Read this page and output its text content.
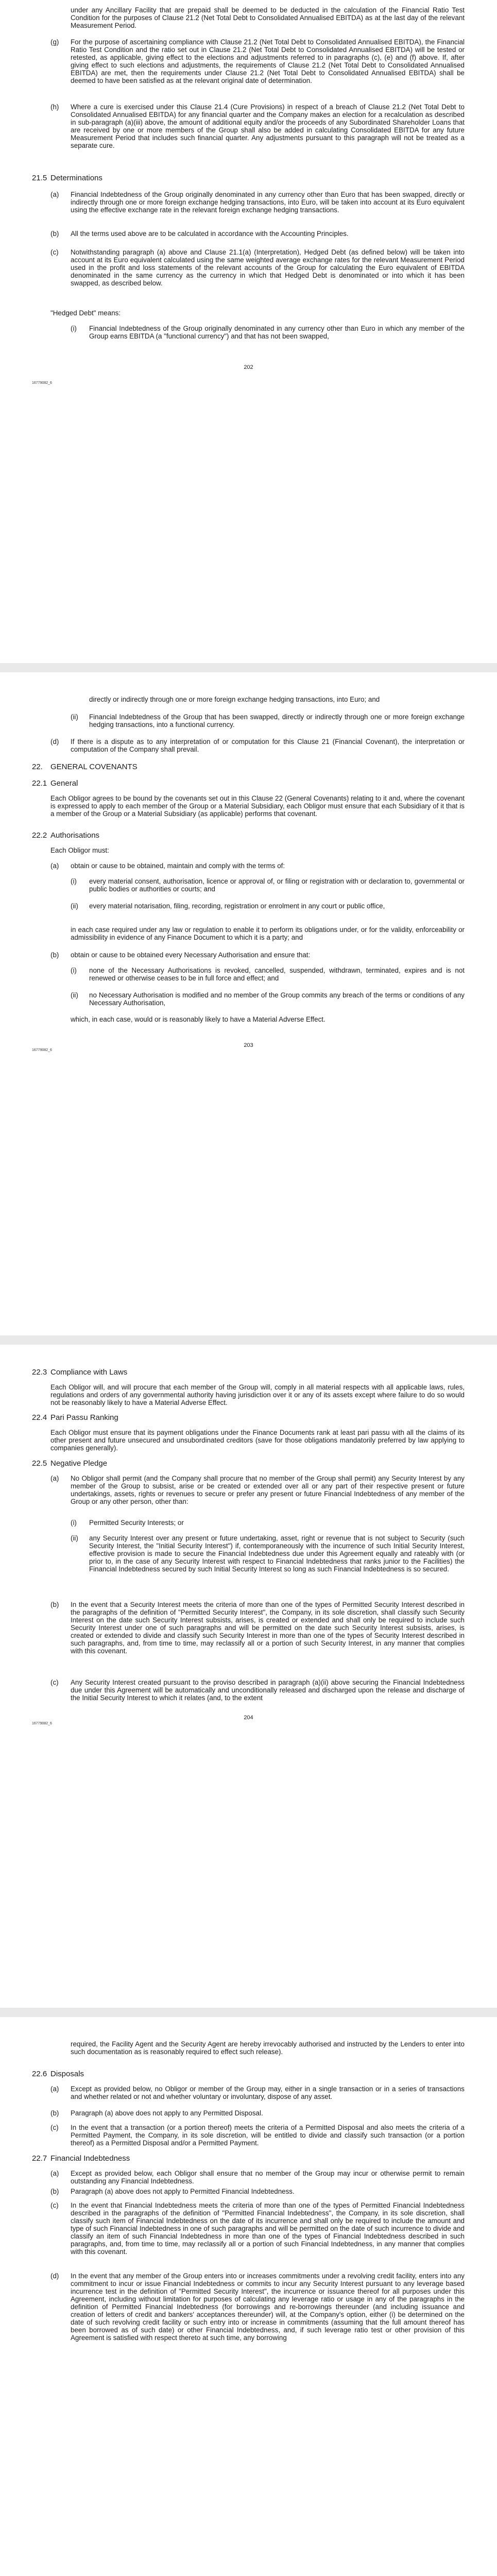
under any Ancillary Facility that are prepaid shall be deemed to be deducted in the calculation of the Financial Ratio Test Condition for the purposes of Clause 21.2 (Net Total Debt to Consolidated Annualised EBITDA) as at the last day of the relevant Measurement Period.

(g) For the purpose of ascertaining compliance with Clause 21.2 (Net Total Debt to Consolidated Annualised EBITDA), the Financial Ratio Test Condition and the ratio set out in Clause 21.2 (Net Total Debt to Consolidated Annualised EBITDA) will be tested or retested, as applicable, giving effect to the elections and adjustments referred to in paragraphs (c), (e) and (f) above. If, after giving effect to such elections and adjustments, the requirements of Clause 21.2 (Net Total Debt to Consolidated Annualised EBITDA) are met, then the requirements under Clause 21.2 (Net Total Debt to Consolidated Annualised EBITDA) shall be deemed to have been satisfied as at the relevant original date of determination.

(h) Where a cure is exercised under this Clause 21.4 (Cure Provisions) in respect of a breach of Clause 21.2 (Net Total Debt to Consolidated Annualised EBITDA) for any financial quarter and the Company makes an election for a recalculation as described in sub-paragraph (a)(iii) above, the amount of additional equity and/or the proceeds of any Subordinated Shareholder Loans that are received by one or more members of the Group shall also be added in calculating Consolidated EBITDA for any future Measurement Period that includes such financial quarter. Any adjustments pursuant to this paragraph will not be treated as a separate cure.

21.5 Determinations
(a) Financial Indebtedness of the Group originally denominated in any currency other than Euro that has been swapped, directly or indirectly through one or more foreign exchange hedging transactions, into Euro, will be taken into account at its Euro equivalent using the effective exchange rate in the relevant foreign exchange hedging transactions.

(b) All the terms used above are to be calculated in accordance with the Accounting Principles.

(c) Notwithstanding paragraph (a) above and Clause 21.1(a) (Interpretation), Hedged Debt (as defined below) will be taken into account at its Euro equivalent calculated using the same weighted average exchange rates for the relevant Measurement Period used in the profit and loss statements of the relevant accounts of the Group for calculating the Euro equivalent of EBITDA denominated in the same currency as the currency in which that Hedged Debt is denominated or into which it has been swapped, as described below.

"Hedged Debt" means:

(i) Financial Indebtedness of the Group originally denominated in any currency other than Euro in which any member of the Group earns EBITDA (a "functional currency") and that has not been swapped,

16779082_6

202

directly or indirectly through one or more foreign exchange hedging transactions, into Euro; and

(ii) Financial Indebtedness of the Group that has been swapped, directly or indirectly through one or more foreign exchange hedging transactions, into a functional currency.

(d) If there is a dispute as to any interpretation of or computation for this Clause 21 (Financial Covenant), the interpretation or computation of the Company shall prevail.

22. GENERAL COVENANTS
22.1 General

Each Obligor agrees to be bound by the covenants set out in this Clause 22 (General Covenants) relating to it and, where the covenant is expressed to apply to each member of the Group or a Material Subsidiary, each Obligor must ensure that each Subsidiary of it that is a member of the Group or a Material Subsidiary (as applicable) performs that covenant.

22.2 Authorisations

Each Obligor must:

(a) obtain or cause to be obtained, maintain and comply with the terms of:

(i) every material consent, authorisation, licence or approval of, or filing or registration with or declaration to, governmental or public bodies or authorities or courts; and

(ii) every material notarisation, filing, recording, registration or enrolment in any court or public office,

in each case required under any law or regulation to enable it to perform its obligations under, or for the validity, enforceability or admissibility in evidence of any Finance Document to which it is a party; and

(b) obtain or cause to be obtained every Necessary Authorisation and ensure that:

(i) none of the Necessary Authorisations is revoked, cancelled, suspended, withdrawn, terminated, expires and is not renewed or otherwise ceases to be in full force and effect; and

(ii) no Necessary Authorisation is modified and no member of the Group commits any breach of the terms or conditions of any Necessary Authorisation,

which, in each case, would or is reasonably likely to have a Material Adverse Effect.

16779082_6

203

22.3 Compliance with Laws

Each Obligor will, and will procure that each member of the Group will, comply in all material respects with all applicable laws, rules, regulations and orders of any governmental authority having jurisdiction over it or any of its assets except where failure to do so would not be reasonably likely to have a Material Adverse Effect.

22.4 Pari Passu Ranking

Each Obligor must ensure that its payment obligations under the Finance Documents rank at least pari passu with all the claims of its other present and future unsecured and unsubordinated creditors (save for those obligations mandatorily preferred by law applying to companies generally).

22.5 Negative Pledge
(a) No Obligor shall permit (and the Company shall procure that no member of the Group shall permit) any Security Interest by any member of the Group to subsist, arise or be created or extended over all or any part of their respective present or future undertakings, assets, rights or revenues to secure or prefer any present or future Financial Indebtedness of any member of the Group or any other person, other than:

(i) Permitted Security Interests; or

(ii) any Security Interest over any present or future undertaking, asset, right or revenue that is not subject to Security (such Security Interest, the "Initial Security Interest") if, contemporaneously with the incurrence of such Initial Security Interest, effective provision is made to secure the Financial Indebtedness due under this Agreement equally and rateably with (or prior to, in the case of any Security Interest with respect to Financial Indebtedness that ranks junior to the Facilities) the Financial Indebtedness secured by such Initial Security Interest so long as such Financial Indebtedness is so secured.

(b) In the event that a Security Interest meets the criteria of more than one of the types of Permitted Security Interest described in the paragraphs of the definition of "Permitted Security Interest", the Company, in its sole discretion, shall classify such Security Interest on the date such Security Interest subsists, arises, is created or extended and shall only be required to include such Security Interest under one of such paragraphs and will be permitted on the date such Security Interest subsists, arises, is created or extended to divide and classify such Security Interest in more than one of the types of Security Interest described in such paragraphs, and, from time to time, may reclassify all or a portion of such Security Interest, in any manner that complies with this covenant.

(c) Any Security Interest created pursuant to the proviso described in paragraph (a)(ii) above securing the Financial Indebtedness due under this Agreement will be automatically and unconditionally released and discharged upon the release and discharge of the Initial Security Interest to which it relates (and, to the extent

16779082_6

204

required, the Facility Agent and the Security Agent are hereby irrevocably authorised and instructed by the Lenders to enter into such documentation as is reasonably required to effect such release).

22.6 Disposals
(a) Except as provided below, no Obligor or member of the Group may, either in a single transaction or in a series of transactions and whether related or not and whether voluntary or involuntary, dispose of any asset.

(b) Paragraph (a) above does not apply to any Permitted Disposal.

(c) In the event that a transaction (or a portion thereof) meets the criteria of a Permitted Disposal and also meets the criteria of a Permitted Payment, the Company, in its sole discretion, will be entitled to divide and classify such transaction (or a portion thereof) as a Permitted Disposal and/or a Permitted Payment.

22.7 Financial Indebtedness
(a) Except as provided below, each Obligor shall ensure that no member of the Group may incur or otherwise permit to remain outstanding any Financial Indebtedness.

(b) Paragraph (a) above does not apply to Permitted Financial Indebtedness.

(c) In the event that Financial Indebtedness meets the criteria of more than one of the types of Permitted Financial Indebtedness described in the paragraphs of the definition of "Permitted Financial Indebtedness", the Company, in its sole discretion, shall classify such item of Financial Indebtedness on the date of its incurrence and shall only be required to include the amount and type of such Financial Indebtedness in one of such paragraphs and will be permitted on the date of such incurrence to divide and classify an item of such Financial Indebtedness in more than one of the types of Financial Indebtedness described in such paragraphs, and, from time to time, may reclassify all or a portion of such Financial Indebtedness, in any manner that complies with this covenant.

(d) In the event that any member of the Group enters into or increases commitments under a revolving credit facility, enters into any commitment to incur or issue Financial Indebtedness or commits to incur any Security Interest pursuant to any leverage based incurrence test in the definition of "Permitted Security Interest", the incurrence or issuance thereof for all purposes under this Agreement, including without limitation for purposes of calculating any leverage ratio or usage in any of the paragraphs in the definition of Permitted Financial Indebtedness (for borrowings and re-borrowings thereunder (and including issuance and creation of letters of credit and bankers' acceptances thereunder) will, at the Company's option, either (i) be determined on the date of such revolving credit facility or such entry into or increase in commitments (assuming that the full amount thereof has been borrowed as of such date) or other Financial Indebtedness, and, if such leverage ratio test or other provision of this Agreement is satisfied with respect thereto at such time, any borrowing
